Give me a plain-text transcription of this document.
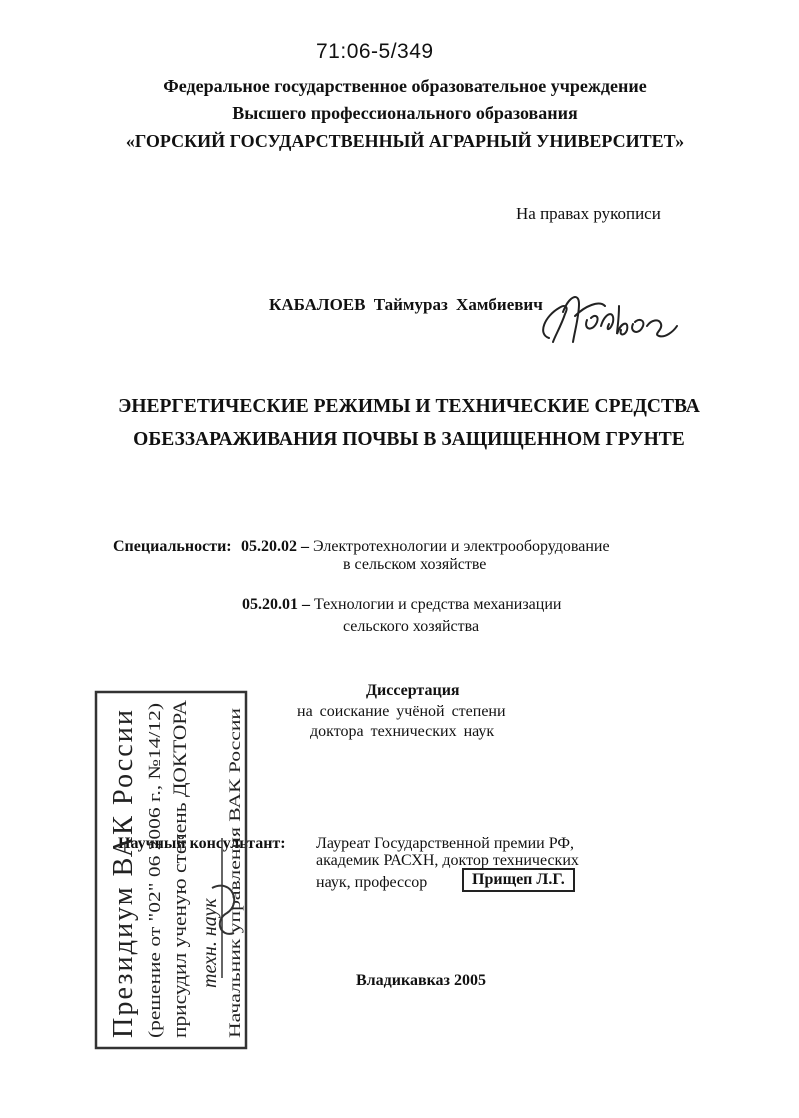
71:06-5/349
Федеральное государственное образовательное учреждение
Высшего профессионального образования
«ГОРСКИЙ ГОСУДАРСТВЕННЫЙ АГРАРНЫЙ УНИВЕРСИТЕТ»
На правах рукописи
КАБАЛОЕВ Таймураз Хамбиевич
ЭНЕРГЕТИЧЕСКИЕ РЕЖИМЫ И ТЕХНИЧЕСКИЕ СРЕДСТВА
ОБЕЗЗАРАЖИВАНИЯ ПОЧВЫ В ЗАЩИЩЕННОМ ГРУНТЕ
Специальности: 05.20.02 – Электротехнологии и электрооборудование
в сельском хозяйстве
05.20.01 – Технологии и средства механизации
сельского хозяйства
Диссертация
на соискание учёной степени
доктора технических наук
Научный консультант: Лауреат Государственной премии РФ,
академик РАСХН, доктор технических
наук, профессор	Прищеп Л.Г.
Владикавказ 2005
Президиум ВАК России (решение от "02" 06 2006 г., №14/12) присудил ученую степень ДОКТОРА техн. наук Начальник управления ВАК России
